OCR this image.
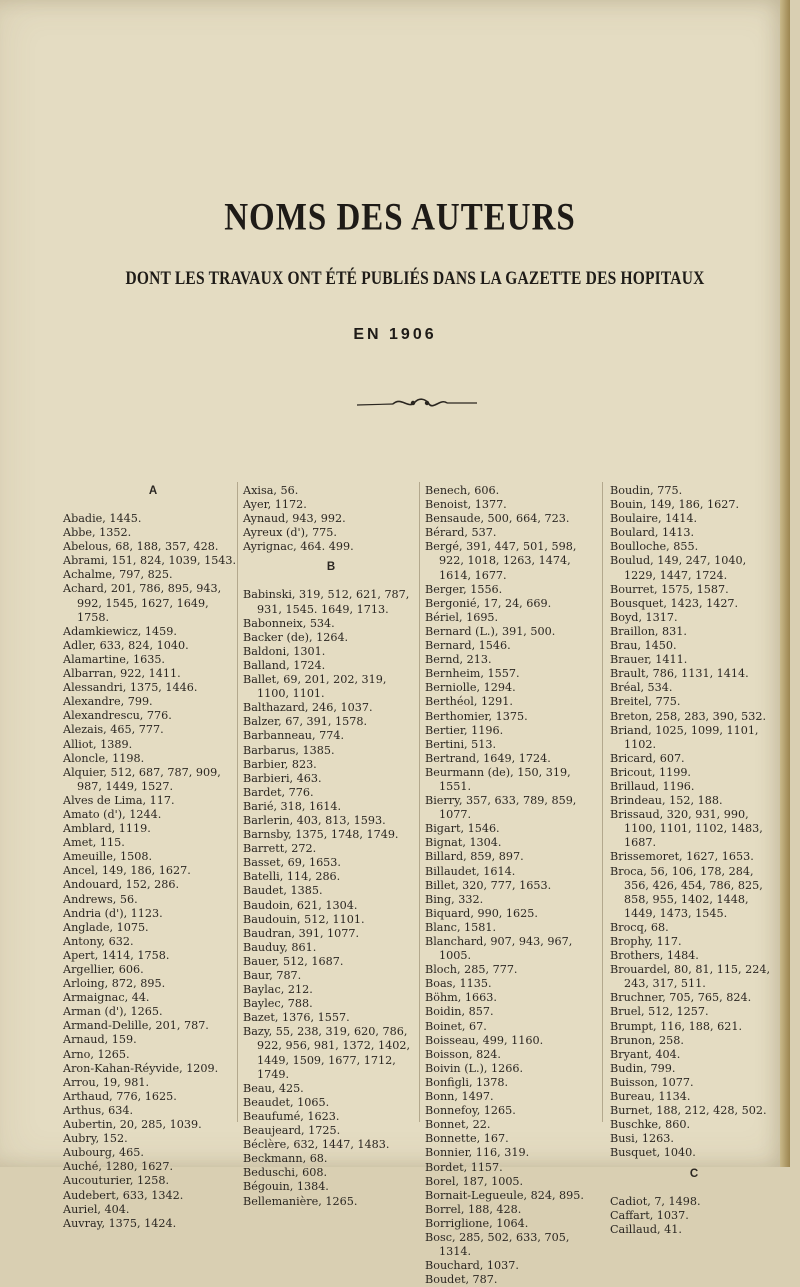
NOMS DES AUTEURS
DONT LES TRAVAUX ONT ÉTÉ PUBLIÉS DANS LA GAZETTE DES HOPITAUX
EN 1906
A
Abadie, 1445.
Abbe, 1352.
Abelous, 68, 188, 357, 428.
Abrami, 151, 824, 1039, 1543.
Achalme, 797, 825.
Achard, 201, 786, 895, 943, 992, 1545, 1627, 1649, 1758.
Adamkiewicz, 1459.
Adler, 633, 824, 1040.
Alamartine, 1635.
Albarran, 922, 1411.
Alessandri, 1375, 1446.
Alexandre, 799.
Alexandrescu, 776.
Alezais, 465, 777.
Alliot, 1389.
Aloncle, 1198.
Alquier, 512, 687, 787, 909, 987, 1449, 1527.
Alves de Lima, 117.
Amato (d'), 1244.
Amblard, 1119.
Amet, 115.
Ameuille, 1508.
Ancel, 149, 186, 1627.
Andouard, 152, 286.
Andrews, 56.
Andria (d'), 1123.
Anglade, 1075.
Antony, 632.
Apert, 1414, 1758.
Argellier, 606.
Arloing, 872, 895.
Armaignac, 44.
Arman (d'), 1265.
Armand-Delille, 201, 787.
Arnaud, 159.
Arno, 1265.
Aron-Kahan-Réyvide, 1209.
Arrou, 19, 981.
Arthaud, 776, 1625.
Arthus, 634.
Aubertin, 20, 285, 1039.
Aubry, 152.
Aubourg, 465.
Auché, 1280, 1627.
Aucouturier, 1258.
Audebert, 633, 1342.
Auriel, 404.
Auvray, 1375, 1424.
Axisa, 56.
Ayer, 1172.
Aynaud, 943, 992.
Ayreux (d'), 775.
Ayrignac, 464. 499.
B
Babinski, 319, 512, 621, 787, 931, 1545. 1649, 1713.
Babonneix, 534.
Backer (de), 1264.
Baldoni, 1301.
Balland, 1724.
Ballet, 69, 201, 202, 319, 1100, 1101.
Balthazard, 246, 1037.
Balzer, 67, 391, 1578.
Barbanneau, 774.
Barbarus, 1385.
Barbier, 823.
Barbieri, 463.
Bardet, 776.
Barié, 318, 1614.
Barlerin, 403, 813, 1593.
Barnsby, 1375, 1748, 1749.
Barrett, 272.
Basset, 69, 1653.
Batelli, 114, 286.
Baudet, 1385.
Baudoin, 621, 1304.
Baudouin, 512, 1101.
Baudran, 391, 1077.
Bauduy, 861.
Bauer, 512, 1687.
Baur, 787.
Baylac, 212.
Baylec, 788.
Bazet, 1376, 1557.
Bazy, 55, 238, 319, 620, 786, 922, 956, 981, 1372, 1402, 1449, 1509, 1677, 1712, 1749.
Beau, 425.
Beaudet, 1065.
Beaufumé, 1623.
Beaujeard, 1725.
Béclère, 632, 1447, 1483.
Beckmann, 68.
Beduschi, 608.
Bégouin, 1384.
Bellemanière, 1265.
Benech, 606.
Benoist, 1377.
Bensaude, 500, 664, 723.
Bérard, 537.
Bergé, 391, 447, 501, 598, 922, 1018, 1263, 1474, 1614, 1677.
Berger, 1556.
Bergonié, 17, 24, 669.
Bériel, 1695.
Bernard (L.), 391, 500.
Bernard, 1546.
Bernd, 213.
Bernheim, 1557.
Berniolle, 1294.
Berthéol, 1291.
Berthomier, 1375.
Bertier, 1196.
Bertini, 513.
Bertrand, 1649, 1724.
Beurmann (de), 150, 319, 1551.
Bierry, 357, 633, 789, 859, 1077.
Bigart, 1546.
Bignat, 1304.
Billard, 859, 897.
Billaudet, 1614.
Billet, 320, 777, 1653.
Bing, 332.
Biquard, 990, 1625.
Blanc, 1581.
Blanchard, 907, 943, 967, 1005.
Bloch, 285, 777.
Boas, 1135.
Böhm, 1663.
Boidin, 857.
Boinet, 67.
Boisseau, 499, 1160.
Boisson, 824.
Boivin (L.), 1266.
Bonfigli, 1378.
Bonn, 1497.
Bonnefoy, 1265.
Bonnet, 22.
Bonnette, 167.
Bonnier, 116, 319.
Bordet, 1157.
Borel, 187, 1005.
Bornait-Legueule, 824, 895.
Borrel, 188, 428.
Borriglione, 1064.
Bosc, 285, 502, 633, 705, 1314.
Bouchard, 1037.
Boudet, 787.
Boudin, 775.
Bouin, 149, 186, 1627.
Boulaire, 1414.
Boulard, 1413.
Boulloche, 855.
Boulud, 149, 247, 1040, 1229, 1447, 1724.
Bourret, 1575, 1587.
Bousquet, 1423, 1427.
Boyd, 1317.
Braillon, 831.
Brau, 1450.
Brauer, 1411.
Brault, 786, 1131, 1414.
Bréal, 534.
Breitel, 775.
Breton, 258, 283, 390, 532.
Briand, 1025, 1099, 1101, 1102.
Bricard, 607.
Bricout, 1199.
Brillaud, 1196.
Brindeau, 152, 188.
Brissaud, 320, 931, 990, 1100, 1101, 1102, 1483, 1687.
Brissemoret, 1627, 1653.
Broca, 56, 106, 178, 284, 356, 426, 454, 786, 825, 858, 955, 1402, 1448, 1449, 1473, 1545.
Brocq, 68.
Brophy, 117.
Brothers, 1484.
Brouardel, 80, 81, 115, 224, 243, 317, 511.
Bruchner, 705, 765, 824.
Bruel, 512, 1257.
Brumpt, 116, 188, 621.
Brunon, 258.
Bryant, 404.
Budin, 799.
Buisson, 1077.
Bureau, 1134.
Burnet, 188, 212, 428, 502.
Buschke, 860.
Busi, 1263.
Busquet, 1040.
C
Cadiot, 7, 1498.
Caffart, 1037.
Caillaud, 41.
